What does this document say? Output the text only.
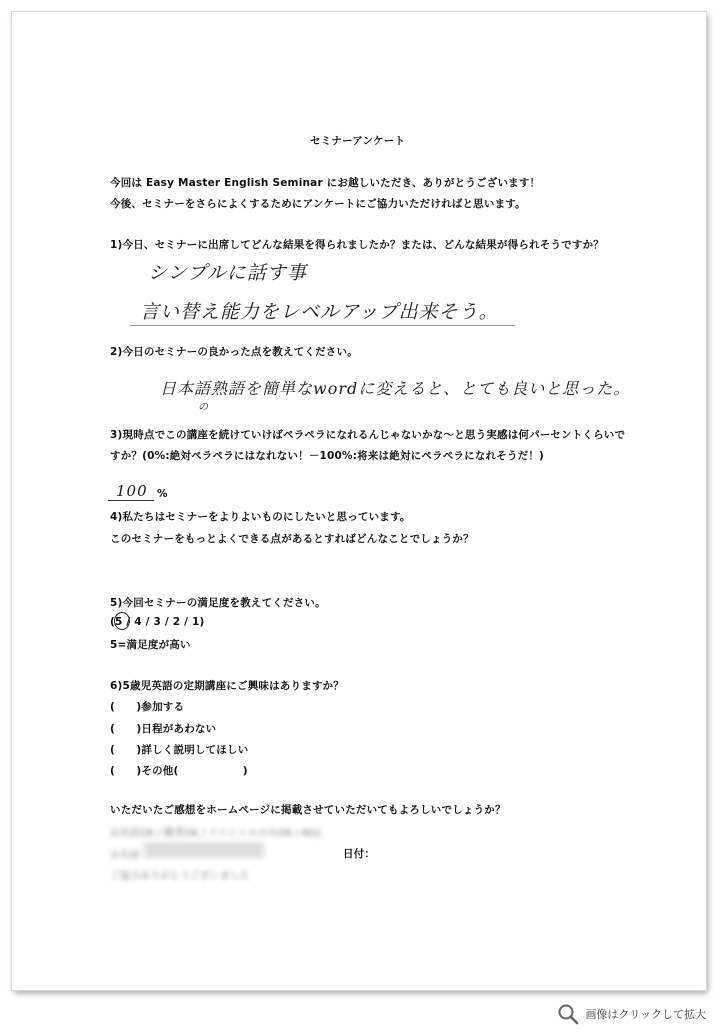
セミナーアンケート
今回は Easy Master English Seminar にお越しいただき、ありがとうございます！
今後、セミナーをさらによくするためにアンケートにご協力いただければと思います。
1)今日、セミナーに出席してどんな結果を得られましたか？または、どんな結果が得られそうですか？
シンプルに話す事
言い替え能力をレベルアップ出来そう。
2)今日のセミナーの良かった点を教えてください。
日本語熟語を簡単なwordに変えると、とても良いと思った。
の
3)現時点でこの講座を続けていけばペラペラになれるんじゃないかな～と思う実感は何パーセントくらいで
すか？(0%:絶対ペラペラにはなれない！－100%:将来は絶対にペラペラになれそうだ！)
100 %
4)私たちはセミナーをよりよいものにしたいと思っています。
このセミナーをもっとよくできる点があるとすればどんなことでしょうか？
5)今回セミナーの満足度を教えてください。
(5 / 4 / 3 / 2 / 1)
5=満足度が高い
6)5歳児英語の定期講座にご興味はありますか？
(　　)参加する
(　　)日程があわない
(　　)詳しく説明してほしい
(　　)その他(　　　　　　)
いただいたご感想をホームページに掲載させていただいてもよろしいでしょうか？
お名前OK / 職業OK / イニシャルのみOK / NG)
お名前	日付：
ご協力ありがとうございました
画像はクリックして拡大
